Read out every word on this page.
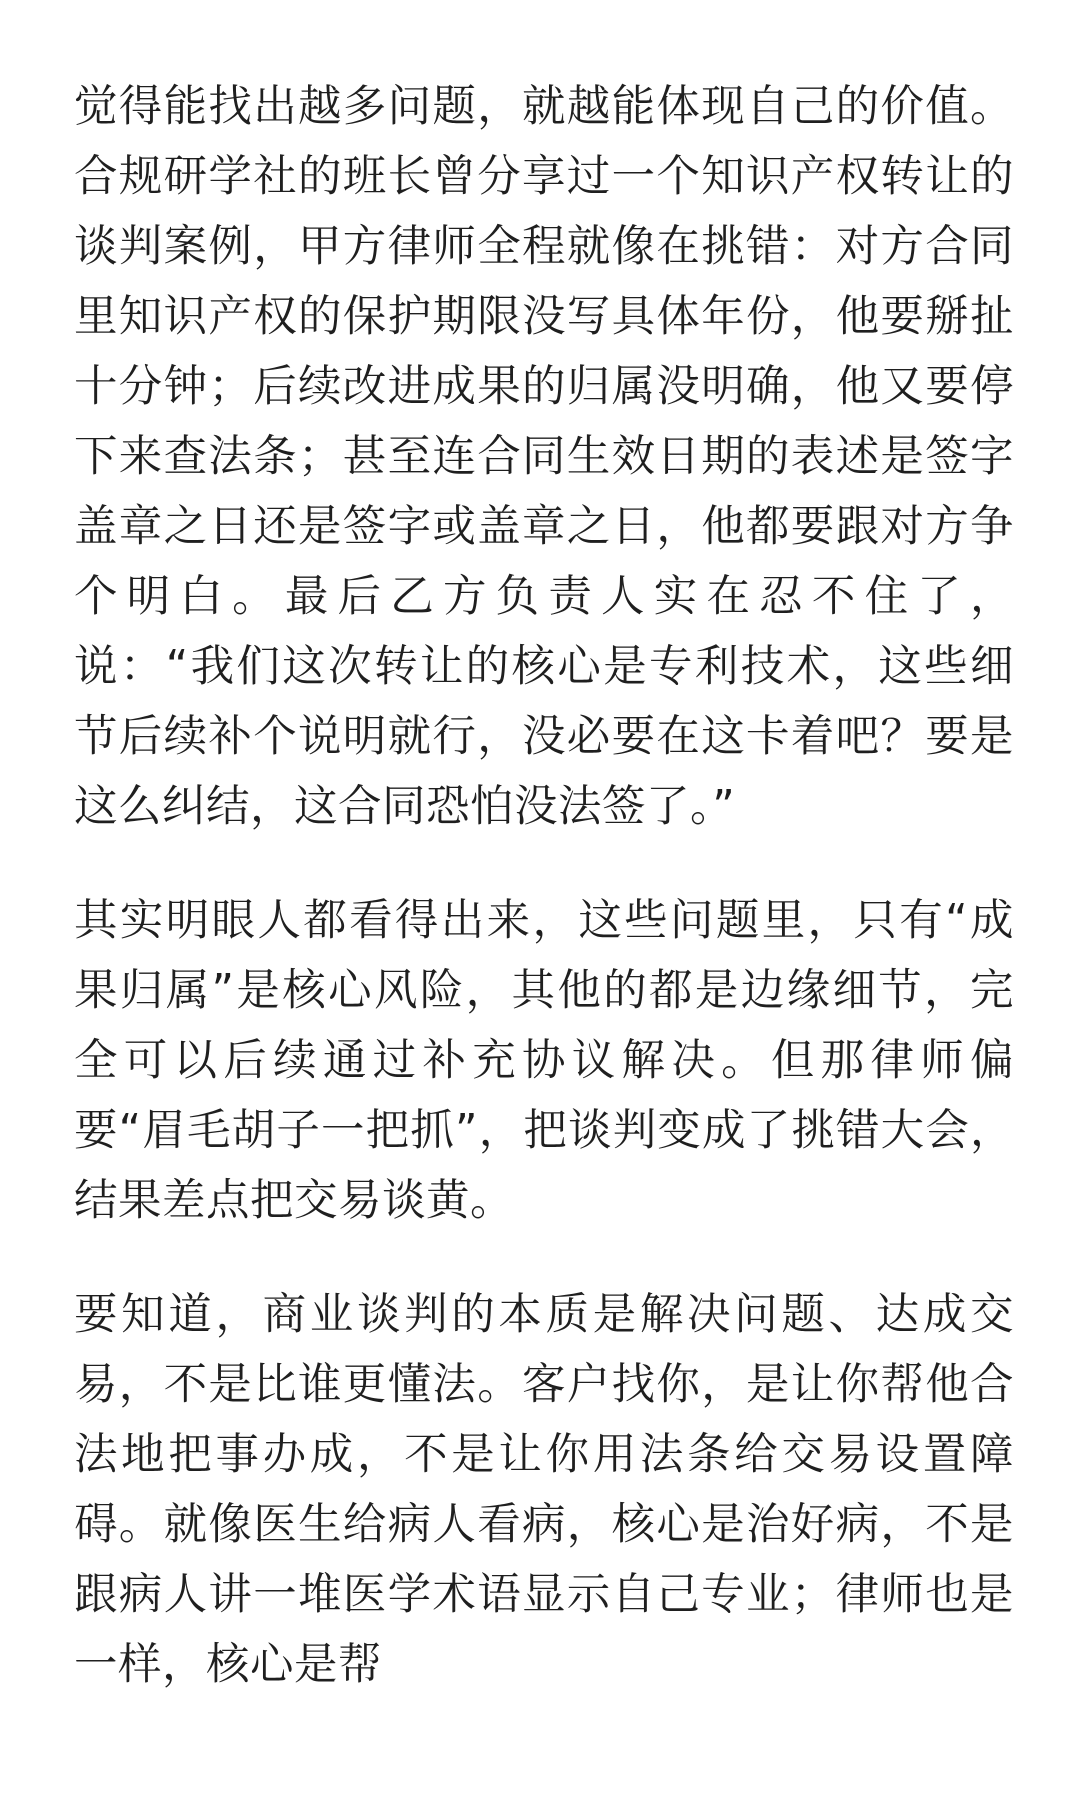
觉得能找出越多问题，就越能体现自己的价值。合规研学社的班长曾分享过一个知识产权转让的谈判案例，甲方律师全程就像在挑错：对方合同里知识产权的保护期限没写具体年份，他要掰扯十分钟；后续改进成果的归属没明确，他又要停下来查法条；甚至连合同生效日期的表述是签字盖章之日还是签字或盖章之日，他都要跟对方争个明白。最后乙方负责人实在忍不住了，说：“我们这次转让的核心是专利技术，这些细节后续补个说明就行，没必要在这卡着吧？要是这么纠结，这合同恐怕没法签了。”

其实明眼人都看得出来，这些问题里，只有“成果归属”是核心风险，其他的都是边缘细节，完全可以后续通过补充协议解决。但那律师偏要“眉毛胡子一把抓”，把谈判变成了挑错大会，结果差点把交易谈黄。

要知道，商业谈判的本质是解决问题、达成交易，不是比谁更懂法。客户找你，是让你帮他合法地把事办成，不是让你用法条给交易设置障碍。就像医生给病人看病，核心是治好病，不是跟病人讲一堆医学术语显示自己专业；律师也是一样，核心是帮
